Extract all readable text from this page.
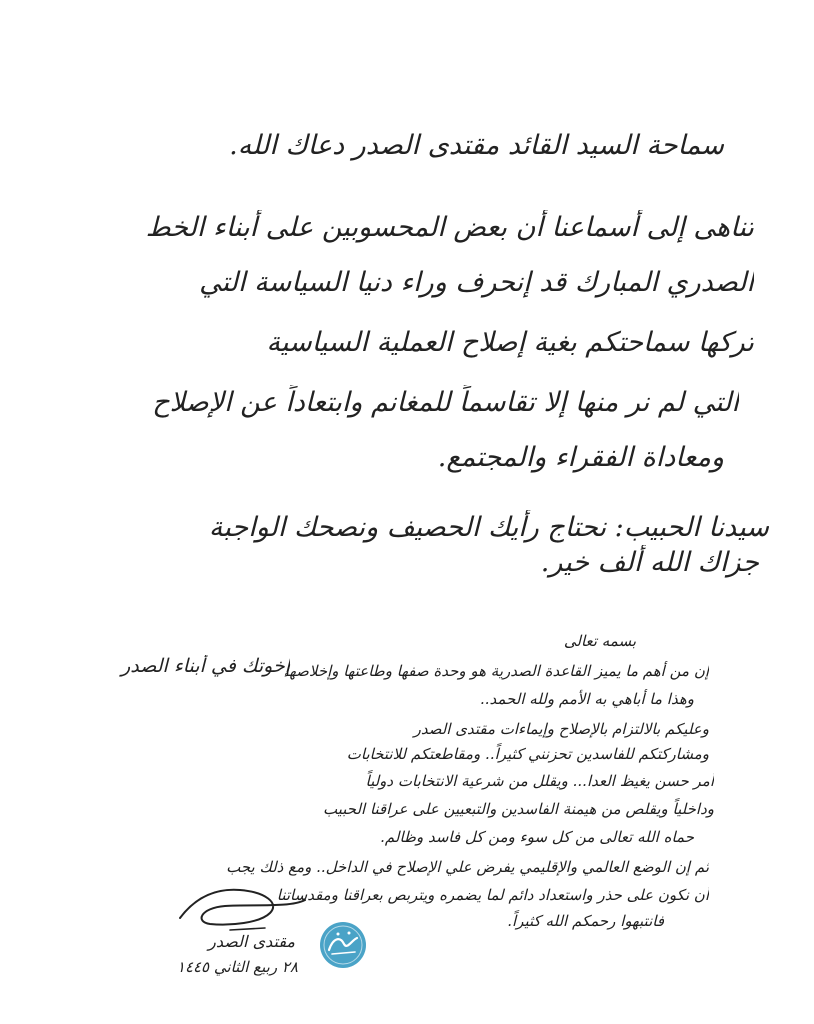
سماحة السيد القائد مقتدى الصدر دعاك الله.
تناهى إلى أسماعنا أن بعض المحسوبين على أبناء الخط
الصدري المبارك قد إنحرف وراء دنيا السياسة التي
تركها سماحتكم بغية إصلاح العملية السياسية
التي لم نر منها إلا تقاسماً للمغانم وابتعاداً عن الإصلاح
ومعاداة الفقراء والمجتمع.
سيدنا الحبيب: نحتاج رأيك الحصيف ونصحك الواجبة
جزاك الله ألف خير.
إخوتك في أبناء الصدر
بسمه تعالى
إن من أهم ما يميز القاعدة الصدرية هو وحدة صفها وطاعتها وإخلاصها
وهذا ما أباهي به الأمم ولله الحمد..
وعليكم بالالتزام بالإصلاح وإيماءات مقتدى الصدر
ومشاركتكم للفاسدين تحزنني كثيراً.. ومقاطعتكم للانتخابات
أمر حسن يغيظ العدا... ويقلل من شرعية الانتخابات دولياً
وداخلياً ويقلص من هيمنة الفاسدين والتبعيين على عراقنا الحبيب
حماه الله تعالى من كل سوء ومن كل فاسد وظالم.
ثم إن الوضع العالمي والإقليمي يفرض علي الإصلاح في الداخل.. ومع ذلك يجب
أن نكون على حذر واستعداد دائم لما يضمره ويتربص بعراقنا ومقدساتنا
فانتبهوا رحمكم الله كثيراً.
مقتدى الصدر
٢٨ ربيع الثاني ١٤٤٥
